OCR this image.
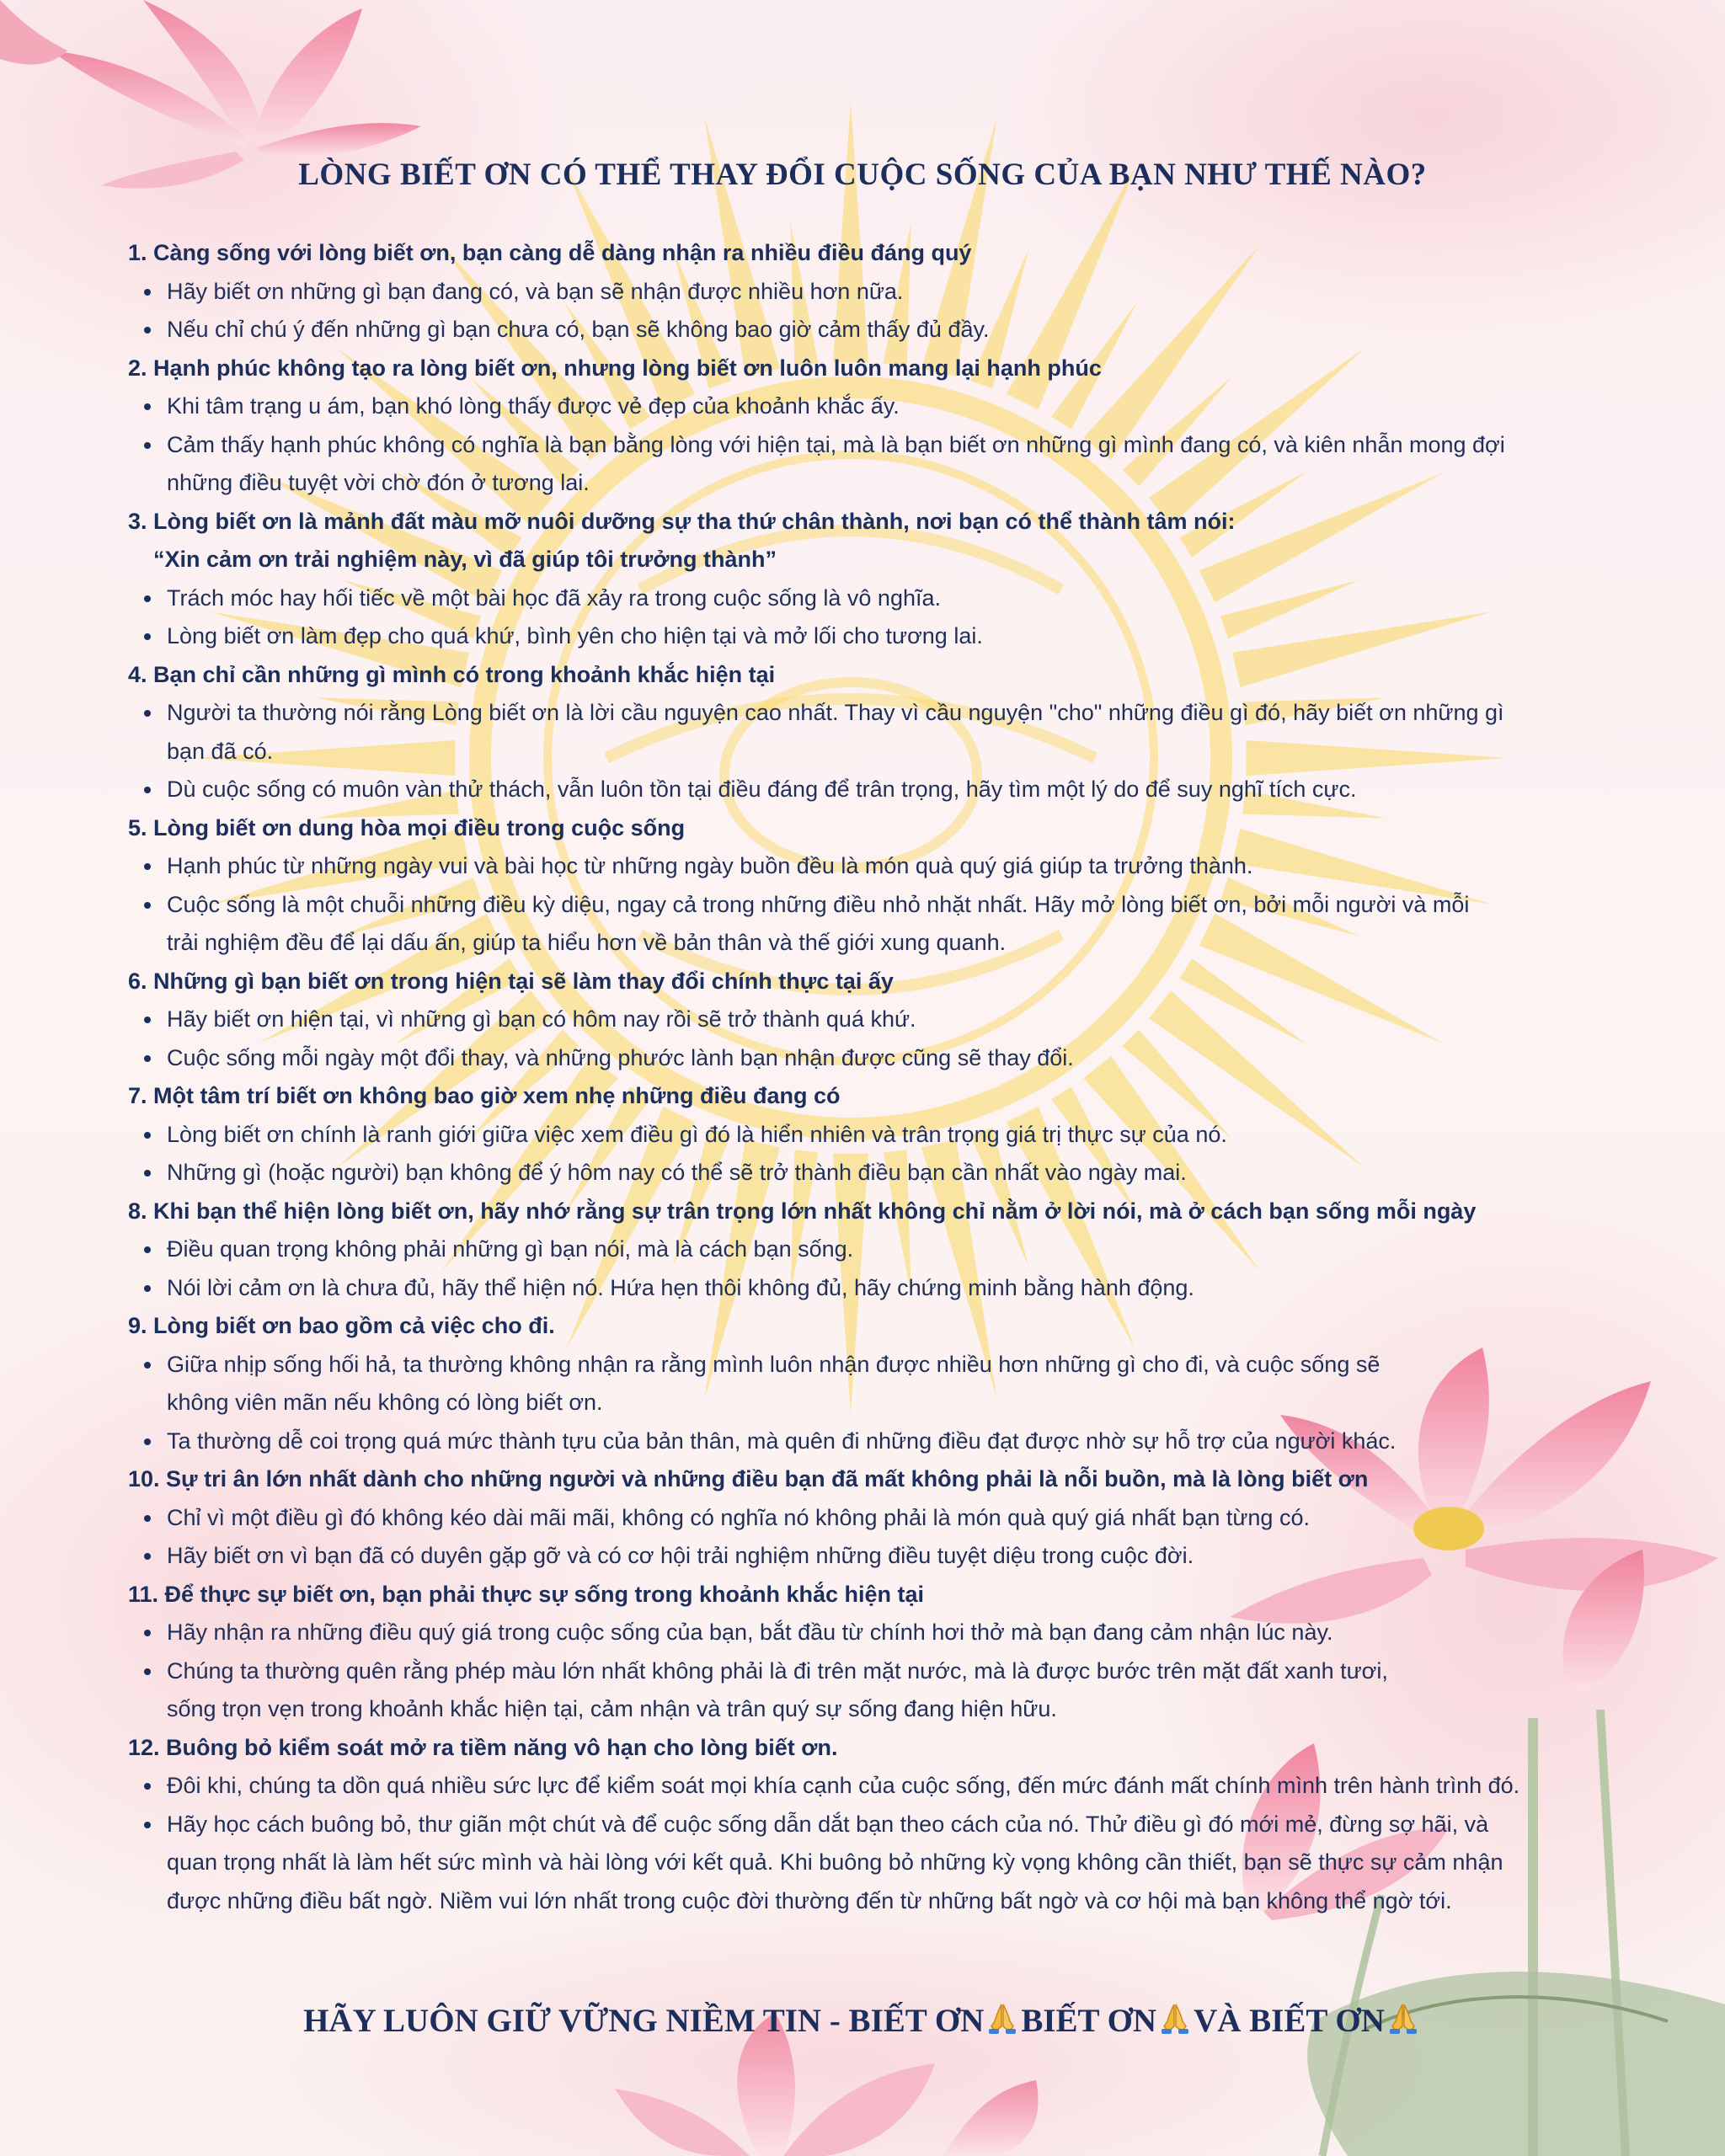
LÒNG BIẾT ƠN CÓ THỂ THAY ĐỔI CUỘC SỐNG CỦA BẠN NHƯ THẾ NÀO?
1. Càng sống với lòng biết ơn, bạn càng dễ dàng nhận ra nhiều điều đáng quý
Hãy biết ơn những gì bạn đang có, và bạn sẽ nhận được nhiều hơn nữa.
Nếu chỉ chú ý đến những gì bạn chưa có, bạn sẽ không bao giờ cảm thấy đủ đầy.
2. Hạnh phúc không tạo ra lòng biết ơn, nhưng lòng biết ơn luôn luôn mang lại hạnh phúc
Khi tâm trạng u ám, bạn khó lòng thấy được vẻ đẹp của khoảnh khắc ấy.
Cảm thấy hạnh phúc không có nghĩa là bạn bằng lòng với hiện tại, mà là bạn biết ơn những gì mình đang có, và kiên nhẫn mong đợi
những điều tuyệt vời chờ đón ở tương lai.
3. Lòng biết ơn là mảnh đất màu mỡ nuôi dưỡng sự tha thứ chân thành, nơi bạn có thể thành tâm nói:
“Xin cảm ơn trải nghiệm này, vì đã giúp tôi trưởng thành”
Trách móc hay hối tiếc về một bài học đã xảy ra trong cuộc sống là vô nghĩa.
Lòng biết ơn làm đẹp cho quá khứ, bình yên cho hiện tại và mở lối cho tương lai.
4. Bạn chỉ cần những gì mình có trong khoảnh khắc hiện tại
Người ta thường nói rằng Lòng biết ơn là lời cầu nguyện cao nhất. Thay vì cầu nguyện "cho" những điều gì đó, hãy biết ơn những gì
bạn đã có.
Dù cuộc sống có muôn vàn thử thách, vẫn luôn tồn tại điều đáng để trân trọng, hãy tìm một lý do để suy nghĩ tích cực.
5. Lòng biết ơn dung hòa mọi điều trong cuộc sống
Hạnh phúc từ những ngày vui và bài học từ những ngày buồn đều là món quà quý giá giúp ta trưởng thành.
Cuộc sống là một chuỗi những điều kỳ diệu, ngay cả trong những điều nhỏ nhặt nhất. Hãy mở lòng biết ơn, bởi mỗi người và mỗi
trải nghiệm đều để lại dấu ấn, giúp ta hiểu hơn về bản thân và thế giới xung quanh.
6. Những gì bạn biết ơn trong hiện tại sẽ làm thay đổi chính thực tại ấy
Hãy biết ơn hiện tại, vì những gì bạn có hôm nay rồi sẽ trở thành quá khứ.
Cuộc sống mỗi ngày một đổi thay, và những phước lành bạn nhận được cũng sẽ thay đổi.
7. Một tâm trí biết ơn không bao giờ xem nhẹ những điều đang có
Lòng biết ơn chính là ranh giới giữa việc xem điều gì đó là hiển nhiên và trân trọng giá trị thực sự của nó.
Những gì (hoặc người) bạn không để ý hôm nay có thể sẽ trở thành điều bạn cần nhất vào ngày mai.
8. Khi bạn thể hiện lòng biết ơn, hãy nhớ rằng sự trân trọng lớn nhất không chỉ nằm ở lời nói, mà ở cách bạn sống mỗi ngày
Điều quan trọng không phải những gì bạn nói, mà là cách bạn sống.
Nói lời cảm ơn là chưa đủ, hãy thể hiện nó. Hứa hẹn thôi không đủ, hãy chứng minh bằng hành động.
9. Lòng biết ơn bao gồm cả việc cho đi.
Giữa nhịp sống hối hả, ta thường không nhận ra rằng mình luôn nhận được nhiều hơn những gì cho đi, và cuộc sống sẽ
không viên mãn nếu không có lòng biết ơn.
Ta thường dễ coi trọng quá mức thành tựu của bản thân, mà quên đi những điều đạt được nhờ sự hỗ trợ của người khác.
10. Sự tri ân lớn nhất dành cho những người và những điều bạn đã mất không phải là nỗi buồn, mà là lòng biết ơn
Chỉ vì một điều gì đó không kéo dài mãi mãi, không có nghĩa nó không phải là món quà quý giá nhất bạn từng có.
Hãy biết ơn vì bạn đã có duyên gặp gỡ và có cơ hội trải nghiệm những điều tuyệt diệu trong cuộc đời.
11. Để thực sự biết ơn, bạn phải thực sự sống trong khoảnh khắc hiện tại
Hãy nhận ra những điều quý giá trong cuộc sống của bạn, bắt đầu từ chính hơi thở mà bạn đang cảm nhận lúc này.
Chúng ta thường quên rằng phép màu lớn nhất không phải là đi trên mặt nước, mà là được bước trên mặt đất xanh tươi,
sống trọn vẹn trong khoảnh khắc hiện tại, cảm nhận và trân quý sự sống đang hiện hữu.
12. Buông bỏ kiểm soát mở ra tiềm năng vô hạn cho lòng biết ơn.
Đôi khi, chúng ta dồn quá nhiều sức lực để kiểm soát mọi khía cạnh của cuộc sống, đến mức đánh mất chính mình trên hành trình đó.
Hãy học cách buông bỏ, thư giãn một chút và để cuộc sống dẫn dắt bạn theo cách của nó. Thử điều gì đó mới mẻ, đừng sợ hãi, và
quan trọng nhất là làm hết sức mình và hài lòng với kết quả. Khi buông bỏ những kỳ vọng không cần thiết, bạn sẽ thực sự cảm nhận
được những điều bất ngờ. Niềm vui lớn nhất trong cuộc đời thường đến từ những bất ngờ và cơ hội mà bạn không thể ngờ tới.
HÃY LUÔN GIỮ VỮNG NIỀM TIN - BIẾT ƠN BIẾT ƠN VÀ BIẾT ƠN
